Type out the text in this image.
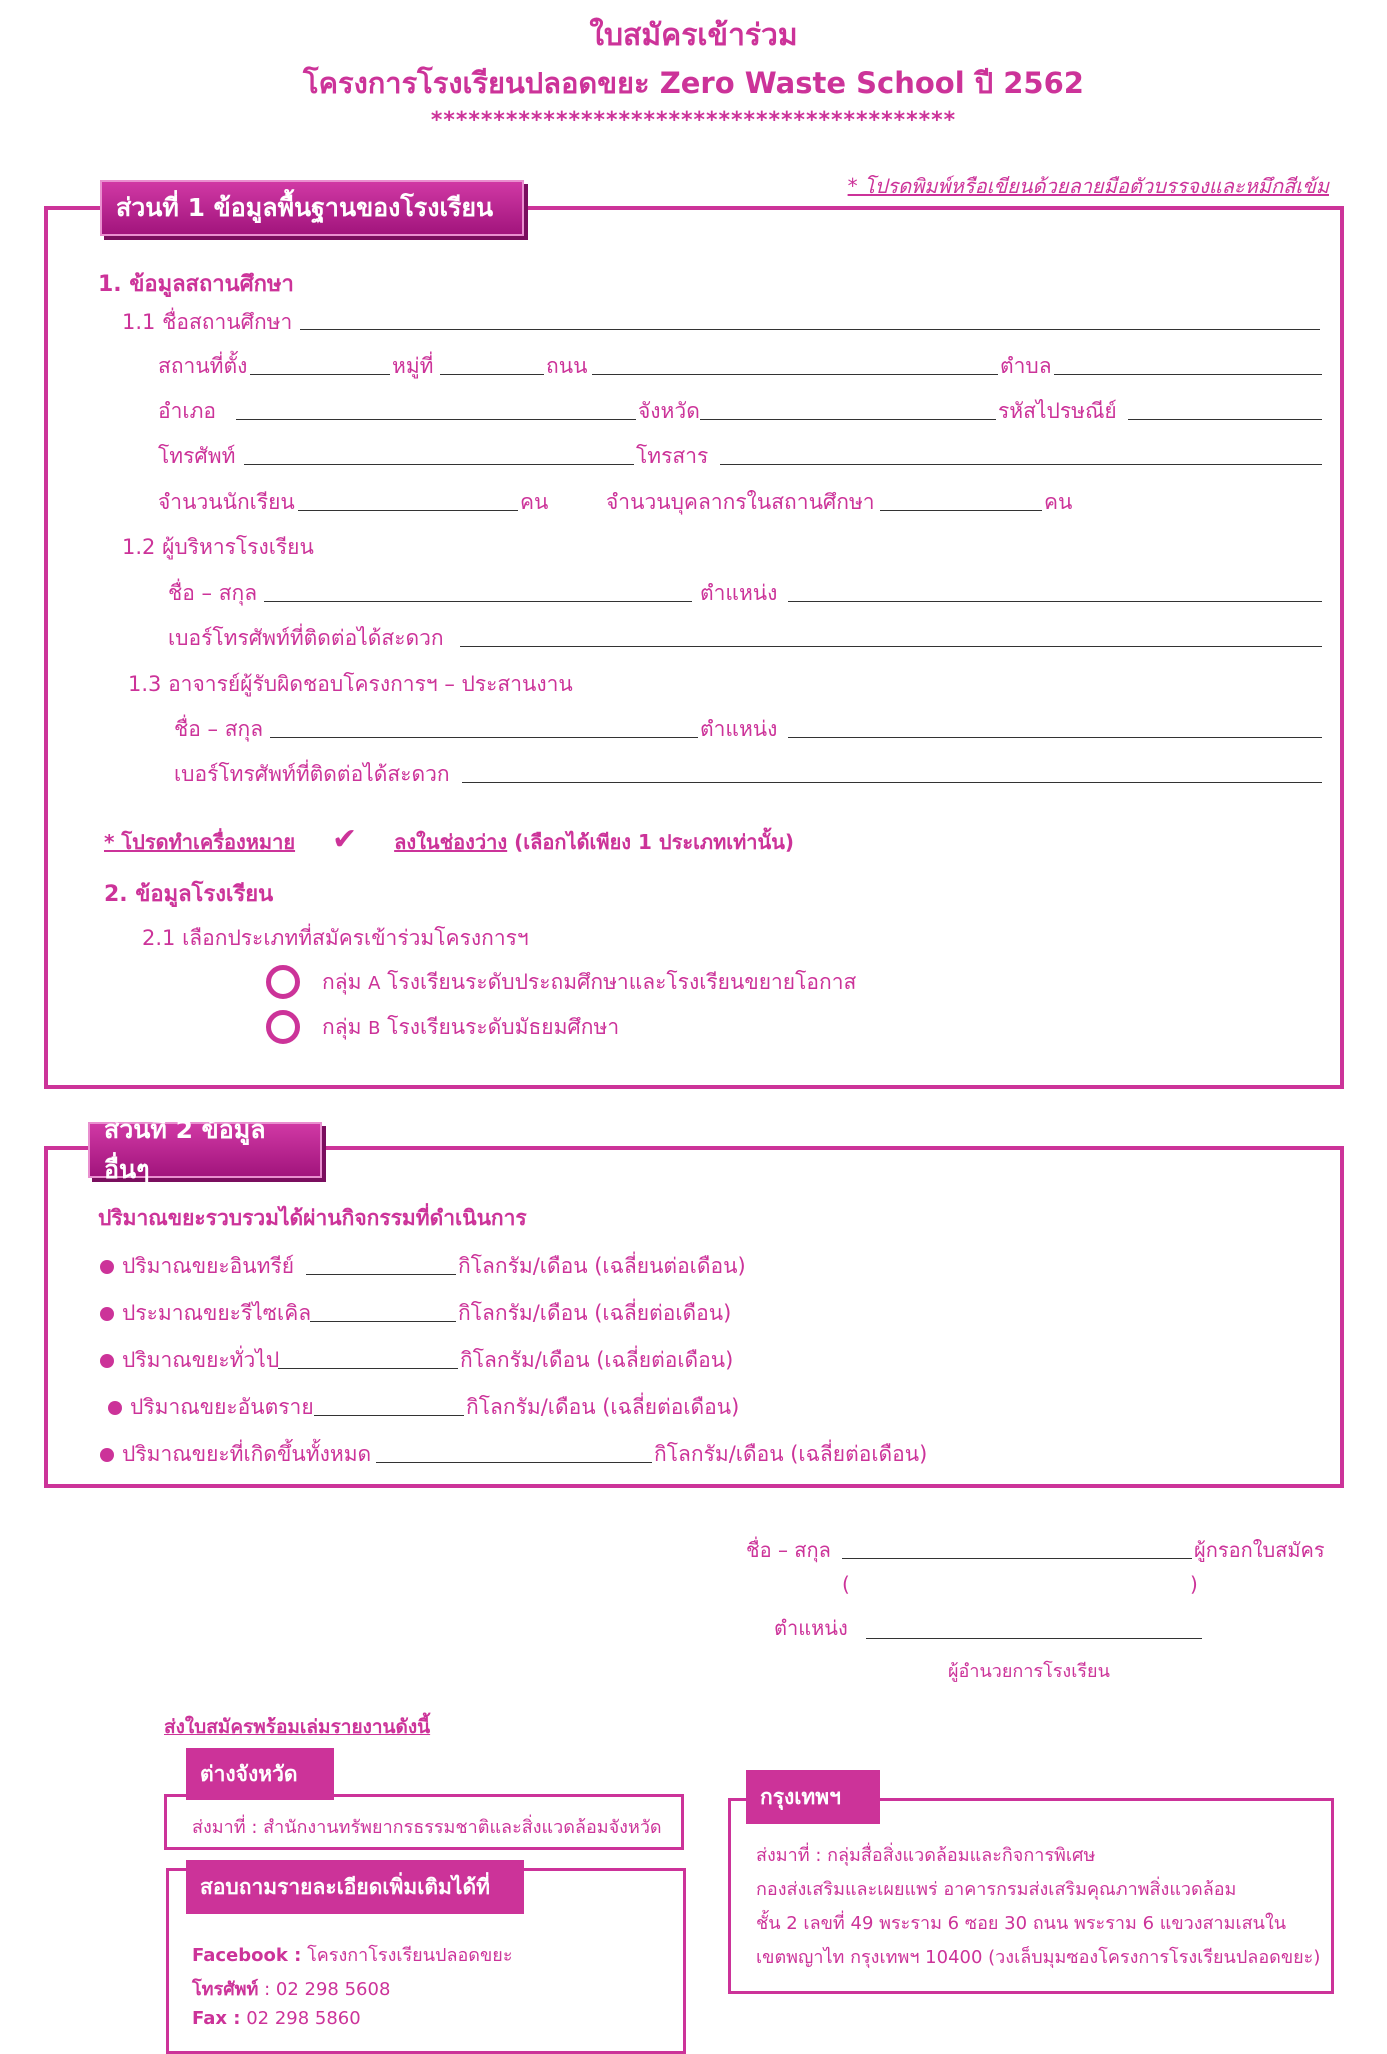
ใบสมัครเข้าร่วม
โครงการโรงเรียนปลอดขยะ Zero Waste School ปี 2562
******************************************
* โปรดพิมพ์หรือเขียนด้วยลายมือตัวบรรจงและหมึกสีเข้ม
ส่วนที่ 1 ข้อมูลพื้นฐานของโรงเรียน
1. ข้อมูลสถานศึกษา
1.1 ชื่อสถานศึกษา
สถานที่ตั้ง	หมู่ที่	ถนน	ตำบล
อำเภอ	จังหวัด	รหัสไปรษณีย์
โทรศัพท์	โทรสาร
จำนวนนักเรียน	คน	จำนวนบุคลากรในสถานศึกษา	คน
1.2 ผู้บริหารโรงเรียน
ชื่อ – สกุล	ตำแหน่ง
เบอร์โทรศัพท์ที่ติดต่อได้สะดวก
1.3 อาจารย์ผู้รับผิดชอบโครงการฯ – ประสานงาน
ชื่อ – สกุล	ตำแหน่ง
เบอร์โทรศัพท์ที่ติดต่อได้สะดวก
* โปรดทำเครื่องหมาย ✔ ลงในช่องว่าง (เลือกได้เพียง 1 ประเภทเท่านั้น)
2. ข้อมูลโรงเรียน
2.1 เลือกประเภทที่สมัครเข้าร่วมโครงการฯ
กลุ่ม A โรงเรียนระดับประถมศึกษาและโรงเรียนขยายโอกาส
กลุ่ม B โรงเรียนระดับมัธยมศึกษา
ส่วนที่ 2 ข้อมูลอื่นๆ
ปริมาณขยะรวบรวมได้ผ่านกิจกรรมที่ดำเนินการ
ปริมาณขยะอินทรีย์	กิโลกรัม/เดือน (เฉลี่ยนต่อเดือน)
ประมาณขยะรีไซเคิล	กิโลกรัม/เดือน (เฉลี่ยต่อเดือน)
ปริมาณขยะทั่วไป	กิโลกรัม/เดือน (เฉลี่ยต่อเดือน)
ปริมาณขยะอันตราย	กิโลกรัม/เดือน (เฉลี่ยต่อเดือน)
ปริมาณขยะที่เกิดขึ้นทั้งหมด	กิโลกรัม/เดือน (เฉลี่ยต่อเดือน)
ชื่อ – สกุล	ผู้กรอกใบสมัคร
(	)
ตำแหน่ง
ผู้อำนวยการโรงเรียน
ส่งใบสมัครพร้อมเล่มรายงานดังนี้
ต่างจังหวัด
ส่งมาที่ : สำนักงานทรัพยากรธรรมชาติและสิ่งแวดล้อมจังหวัด
สอบถามรายละเอียดเพิ่มเติมได้ที่
Facebook : โครงกาโรงเรียนปลอดขยะ
โทรศัพท์ : 02 298 5608
Fax : 02 298 5860
กรุงเทพฯ
ส่งมาที่ : กลุ่มสื่อสิ่งแวดล้อมและกิจการพิเศษ
กองส่งเสริมและเผยแพร่ อาคารกรมส่งเสริมคุณภาพสิ่งแวดล้อม
ชั้น 2 เลขที่ 49 พระราม 6 ซอย 30 ถนน พระราม 6 แขวงสามเสนใน
เขตพญาไท กรุงเทพฯ 10400 (วงเล็บมุมซองโครงการโรงเรียนปลอดขยะ)
